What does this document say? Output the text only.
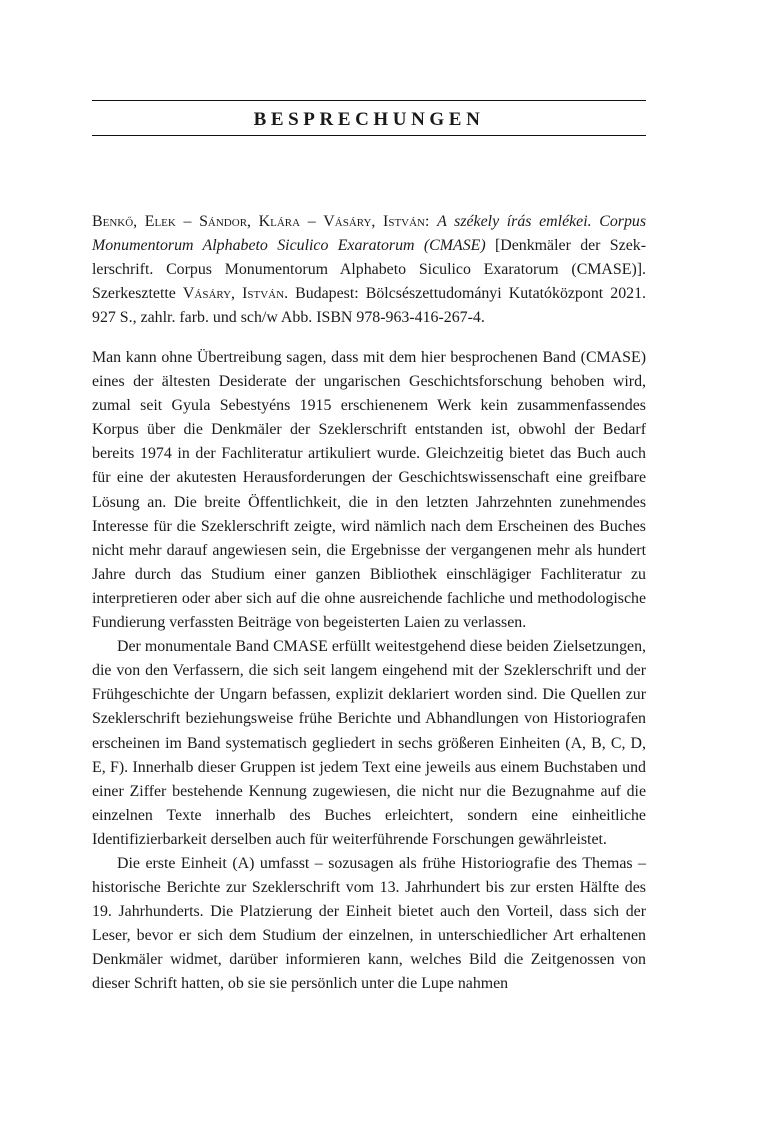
BESPRECHUNGEN
Benkő, Elek – Sándor, Klára – Vásáry, István: A székely írás emlékei. Corpus Monumentorum Alphabeto Siculico Exaratorum (CMASE) [Denkmäler der Szeklerschrift. Corpus Monumentorum Alphabeto Siculico Exaratorum (CMASE)]. Szerkesztette Vásáry, István. Budapest: Bölcsészettudományi Kutatóközpont 2021. 927 S., zahlr. farb. und sch/w Abb. ISBN 978-963-416-267-4.

Man kann ohne Übertreibung sagen, dass mit dem hier besprochenen Band (CMASE) eines der ältesten Desiderate der ungarischen Geschichtsforschung behoben wird, zumal seit Gyula Sebestyéns 1915 erschienenem Werk kein zusammenfassendes Korpus über die Denkmäler der Szeklerschrift entstanden ist, obwohl der Bedarf bereits 1974 in der Fachliteratur artikuliert wurde. Gleichzeitig bietet das Buch auch für eine der akutesten Herausforderungen der Geschichtswissenschaft eine greifbare Lösung an. Die breite Öffentlichkeit, die in den letzten Jahrzehnten zunehmendes Interesse für die Szeklerschrift zeigte, wird nämlich nach dem Erscheinen des Buches nicht mehr darauf angewiesen sein, die Ergebnisse der vergangenen mehr als hundert Jahre durch das Studium einer ganzen Bibliothek einschlägiger Fachliteratur zu interpretieren oder aber sich auf die ohne ausreichende fachliche und methodologische Fundierung verfassten Beiträge von begeisterten Laien zu verlassen.

Der monumentale Band CMASE erfüllt weitestgehend diese beiden Zielsetzungen, die von den Verfassern, die sich seit langem eingehend mit der Szeklerschrift und der Frühgeschichte der Ungarn befassen, explizit deklariert worden sind. Die Quellen zur Szeklerschrift beziehungsweise frühe Berichte und Abhandlungen von Historiografen erscheinen im Band systematisch gegliedert in sechs größeren Einheiten (A, B, C, D, E, F). Innerhalb dieser Gruppen ist jedem Text eine jeweils aus einem Buchstaben und einer Ziffer bestehende Kennung zugewiesen, die nicht nur die Bezugnahme auf die einzelnen Texte innerhalb des Buches erleichtert, sondern eine einheitliche Identifizierbarkeit derselben auch für weiterführende Forschungen gewährleistet.

Die erste Einheit (A) umfasst – sozusagen als frühe Historiografie des Themas – historische Berichte zur Szeklerschrift vom 13. Jahrhundert bis zur ersten Hälfte des 19. Jahrhunderts. Die Platzierung der Einheit bietet auch den Vorteil, dass sich der Leser, bevor er sich dem Studium der einzelnen, in unterschiedlicher Art erhaltenen Denkmäler widmet, darüber informieren kann, welches Bild die Zeitgenossen von dieser Schrift hatten, ob sie sie persönlich unter die Lupe nahmen
